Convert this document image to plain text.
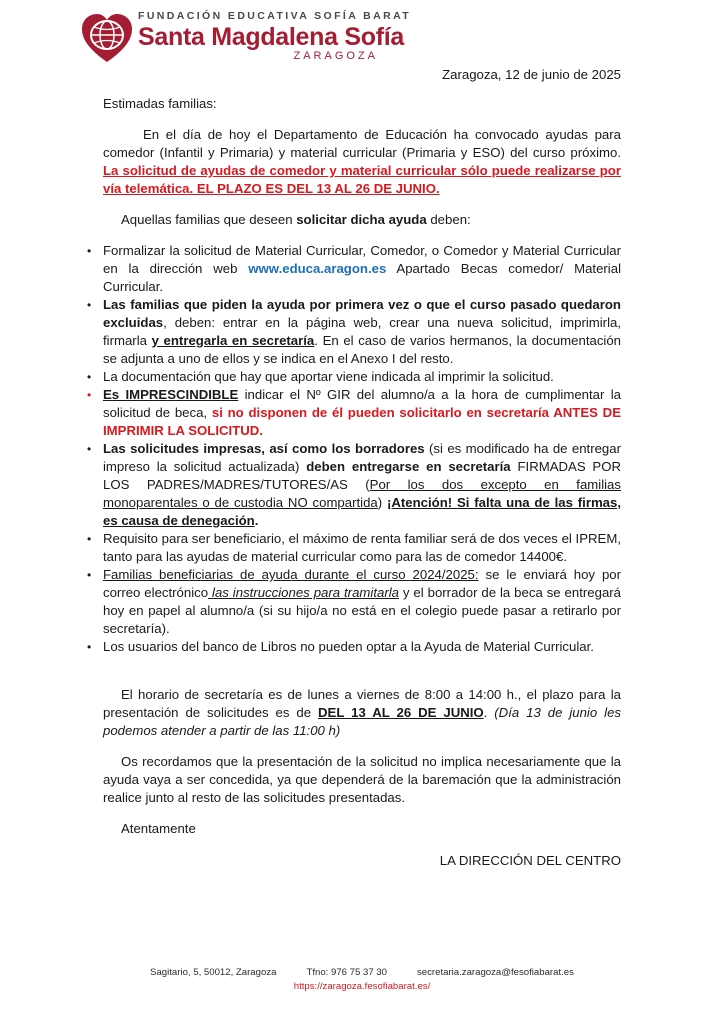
FUNDACIÓN EDUCATIVA SOFÍA BARAT
Santa Magdalena Sofía
ZARAGOZA
Zaragoza, 12 de junio de 2025

Estimadas familias:

En el día de hoy el Departamento de Educación ha convocado ayudas para comedor (Infantil y Primaria) y material curricular (Primaria y ESO) del curso próximo. La solicitud de ayudas de comedor y material curricular sólo puede realizarse por vía telemática. EL PLAZO ES DEL 13 AL 26 DE JUNIO.

Aquellas familias que deseen solicitar dicha ayuda deben:

• Formalizar la solicitud de Material Curricular, Comedor, o Comedor y Material Curricular en la dirección web www.educa.aragon.es Apartado Becas comedor/ Material Curricular.
• Las familias que piden la ayuda por primera vez o que el curso pasado quedaron excluidas, deben: entrar en la página web, crear una nueva solicitud, imprimirla, firmarla y entregarla en secretaría. En el caso de varios hermanos, la documentación se adjunta a uno de ellos y se indica en el Anexo I del resto.
• La documentación que hay que aportar viene indicada al imprimir la solicitud.
• Es IMPRESCINDIBLE indicar el Nº GIR del alumno/a a la hora de cumplimentar la solicitud de beca, si no disponen de él pueden solicitarlo en secretaría ANTES DE IMPRIMIR LA SOLICITUD.
• Las solicitudes impresas, así como los borradores (si es modificado ha de entregar impreso la solicitud actualizada) deben entregarse en secretaría FIRMADAS POR LOS PADRES/MADRES/TUTORES/AS (Por los dos excepto en familias monoparentales o de custodia NO compartida) ¡Atención! Si falta una de las firmas, es causa de denegación.
• Requisito para ser beneficiario, el máximo de renta familiar será de dos veces el IPREM, tanto para las ayudas de material curricular como para las de comedor 14400€.
• Familias beneficiarias de ayuda durante el curso 2024/2025: se le enviará hoy por correo electrónico las instrucciones para tramitarla y el borrador de la beca se entregará hoy en papel al alumno/a (si su hijo/a no está en el colegio puede pasar a retirarlo por secretaría).
• Los usuarios del banco de Libros no pueden optar a la Ayuda de Material Curricular.

El horario de secretaría es de lunes a viernes de 8:00 a 14:00 h., el plazo para la presentación de solicitudes es de DEL 13 AL 26 DE JUNIO. (Día 13 de junio les podemos atender a partir de las 11:00 h)

Os recordamos que la presentación de la solicitud no implica necesariamente que la ayuda vaya a ser concedida, ya que dependerá de la baremación que la administración realice junto al resto de las solicitudes presentadas.

Atentamente

LA DIRECCIÓN DEL CENTRO
Sagitario, 5, 50012, Zaragoza	Tfno: 976 75 37 30	secretaria.zaragoza@fesofiabarat.es
https://zaragoza.fesofiabarat.es/
